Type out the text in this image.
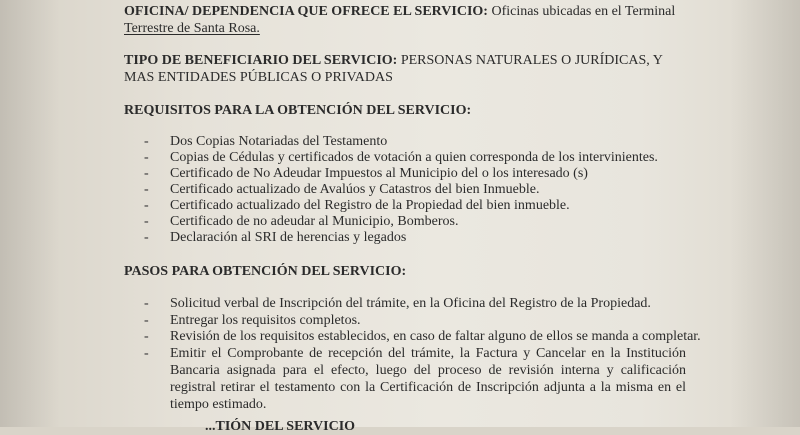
OFICINA/ DEPENDENCIA QUE OFRECE EL SERVICIO: Oficinas ubicadas en el Terminal
Terrestre de Santa Rosa.
TIPO DE BENEFICIARIO DEL SERVICIO: PERSONAS NATURALES O JURÍDICAS, Y
MAS ENTIDADES PÚBLICAS O PRIVADAS
REQUISITOS PARA LA OBTENCIÓN DEL SERVICIO:
- Dos Copias Notariadas del Testamento
- Copias de Cédulas y certificados de votación a quien corresponda de los intervinientes.
- Certificado de No Adeudar Impuestos al Municipio del o los interesado (s)
- Certificado actualizado de Avalúos y Catastros del bien Inmueble.
- Certificado actualizado del Registro de la Propiedad del bien inmueble.
- Certificado de no adeudar al Municipio, Bomberos.
- Declaración al SRI de herencias y legados
PASOS PARA OBTENCIÓN DEL SERVICIO:
- Solicitud verbal de Inscripción del trámite, en la Oficina del Registro de la Propiedad.
- Entregar los requisitos completos.
- Revisión de los requisitos establecidos, en caso de faltar alguno de ellos se manda a completar.
- Emitir el Comprobante de recepción del trámite, la Factura y Cancelar en la Institución Bancaria asignada para el efecto, luego del proceso de revisión interna y calificación registral retirar el testamento con la Certificación de Inscripción adjunta a la misma en el tiempo estimado.
...TIÓN DEL SERVICIO
